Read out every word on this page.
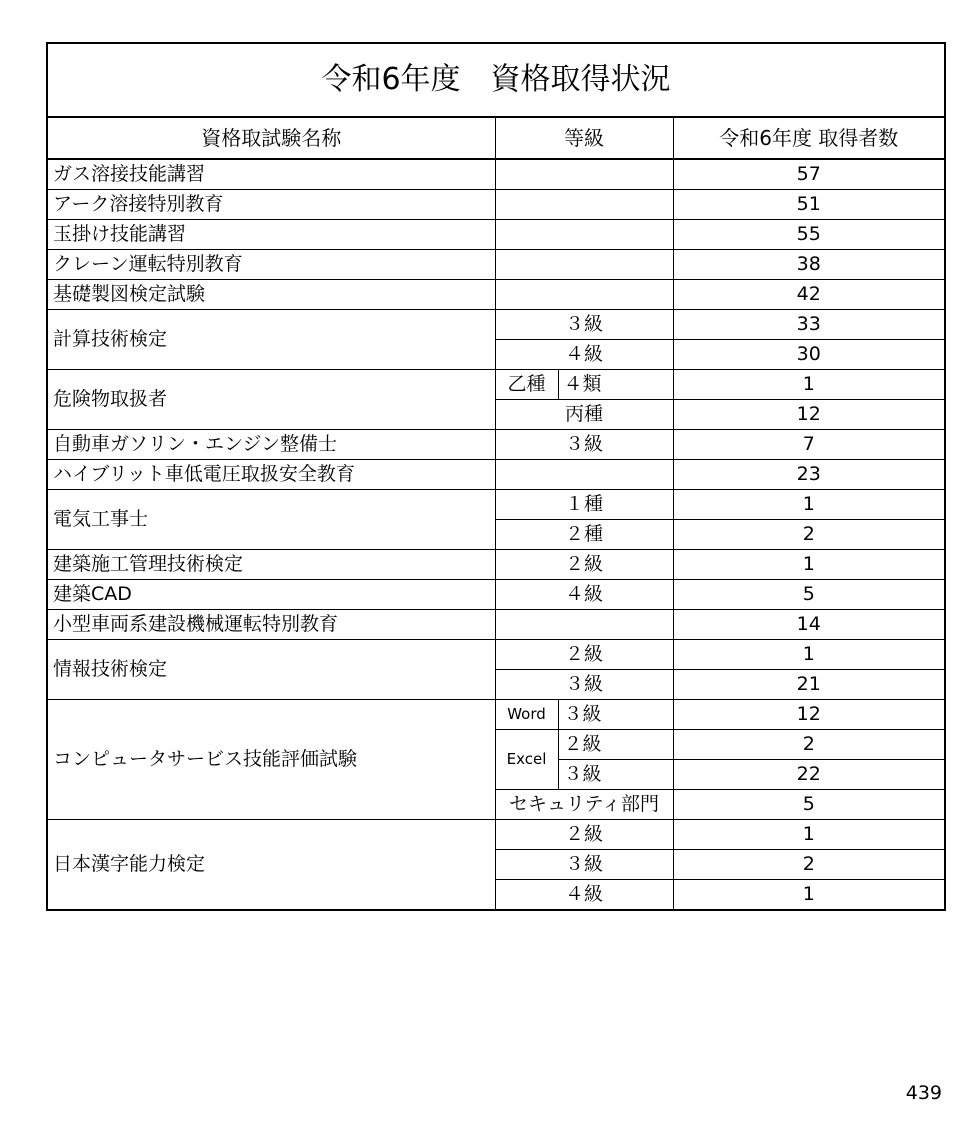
令和6年度　資格取得状況			
資格取試験名称	等級		令和6年度 取得者数
ガス溶接技能講習			57
アーク溶接特別教育			51
玉掛け技能講習			55
クレーン運転特別教育			38
基礎製図検定試験			42
計算技術検定	３級		33
	４級		30
危険物取扱者	乙種	４類	1
	丙種		12
自動車ガソリン・エンジン整備士	３級		7
ハイブリット車低電圧取扱安全教育			23
電気工事士	１種		1
	２種		2
建築施工管理技術検定	２級		1
建築CAD	４級		5
小型車両系建設機械運転特別教育			14
情報技術検定	２級		1
	３級		21
コンピュータサービス技能評価試験	Word	３級	12
	Excel	２級	2
		３級	22
	セキュリティ部門		5
日本漢字能力検定	２級		1
	３級		2
	４級		1
439
